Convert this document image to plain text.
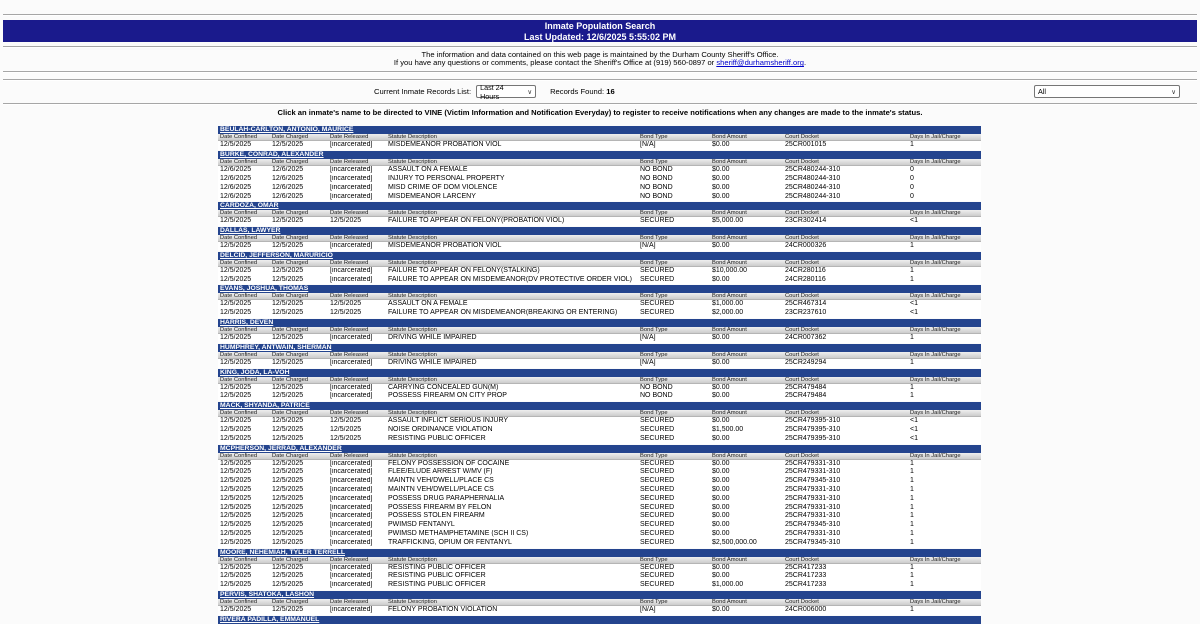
Inmate Population Search
Last Updated: 12/6/2025 5:55:02 PM
The information and data contained on this web page is maintained by the Durham County Sheriff's Office.
If you have any questions or comments, please contact the Sheriff's Office at (919) 560-0897 or sheriff@durhamsheriff.org.
Current Inmate Records List: Last 24 Hours	∨ Records Found: 16	All	∨
Click an inmate's name to be directed to VINE (Victim Information and Notification Everyday) to register to receive notifications when any changes are made to the inmate's status.
BEULAH-CARLTON, ANTONIO, MAURICE
Date Confined	Date Charged	Date Released	Statute Description	Bond Type	Bond Amount	Court Docket	Days In Jail/Charge
12/5/2025	12/5/2025	[incarcerated]	MISDEMEANOR PROBATION VIOL	[N/A]	$0.00	25CR001015	1
BURKE, CONRAD, ALEXANDER
Date Confined	Date Charged	Date Released	Statute Description	Bond Type	Bond Amount	Court Docket	Days In Jail/Charge
12/6/2025	12/6/2025	[incarcerated]	ASSAULT ON A FEMALE	NO BOND	$0.00	25CR480244-310	0
12/6/2025	12/6/2025	[incarcerated]	INJURY TO PERSONAL PROPERTY	NO BOND	$0.00	25CR480244-310	0
12/6/2025	12/6/2025	[incarcerated]	MISD CRIME OF DOM VIOLENCE	NO BOND	$0.00	25CR480244-310	0
12/6/2025	12/6/2025	[incarcerated]	MISDEMEANOR LARCENY	NO BOND	$0.00	25CR480244-310	0
CARDOZA, OMAR
Date Confined	Date Charged	Date Released	Statute Description	Bond Type	Bond Amount	Court Docket	Days In Jail/Charge
12/5/2025	12/5/2025	12/5/2025	FAILURE TO APPEAR ON FELONY(PROBATION VIOL)	SECURED	$5,000.00	23CR302414	<1
DALLAS, LAWYER
Date Confined	Date Charged	Date Released	Statute Description	Bond Type	Bond Amount	Court Docket	Days In Jail/Charge
12/5/2025	12/5/2025	[incarcerated]	MISDEMEANOR PROBATION VIOL	[N/A]	$0.00	24CR000326	1
DELCID, JEFFERSON, MARURICIO
Date Confined	Date Charged	Date Released	Statute Description	Bond Type	Bond Amount	Court Docket	Days In Jail/Charge
12/5/2025	12/5/2025	[incarcerated]	FAILURE TO APPEAR ON FELONY(STALKING)	SECURED	$10,000.00	24CR280116	1
12/5/2025	12/5/2025	[incarcerated]	FAILURE TO APPEAR ON MISDEMEANOR(DV PROTECTIVE ORDER VIOL)	SECURED	$0.00	24CR280116	1
EVANS, JOSHUA, THOMAS
Date Confined	Date Charged	Date Released	Statute Description	Bond Type	Bond Amount	Court Docket	Days In Jail/Charge
12/5/2025	12/5/2025	12/5/2025	ASSAULT ON A FEMALE	SECURED	$1,000.00	25CR467314	<1
12/5/2025	12/5/2025	12/5/2025	FAILURE TO APPEAR ON MISDEMEANOR(BREAKING OR ENTERING)	SECURED	$2,000.00	23CR237610	<1
HARRIS, DEVEN
Date Confined	Date Charged	Date Released	Statute Description	Bond Type	Bond Amount	Court Docket	Days In Jail/Charge
12/5/2025	12/5/2025	[incarcerated]	DRIVING WHILE IMPAIRED	[N/A]	$0.00	24CR007362	1
HUMPHREY, ANTWAIN, SHERMAN
Date Confined	Date Charged	Date Released	Statute Description	Bond Type	Bond Amount	Court Docket	Days In Jail/Charge
12/5/2025	12/5/2025	[incarcerated]	DRIVING WHILE IMPAIRED	[N/A]	$0.00	25CR249294	1
KING, JODA, LA-VOH
Date Confined	Date Charged	Date Released	Statute Description	Bond Type	Bond Amount	Court Docket	Days In Jail/Charge
12/5/2025	12/5/2025	[incarcerated]	CARRYING CONCEALED GUN(M)	NO BOND	$0.00	25CR479484	1
12/5/2025	12/5/2025	[incarcerated]	POSSESS FIREARM ON CITY PROP	NO BOND	$0.00	25CR479484	1
MACK, SHYANDA, PATRICE
Date Confined	Date Charged	Date Released	Statute Description	Bond Type	Bond Amount	Court Docket	Days In Jail/Charge
12/5/2025	12/5/2025	12/5/2025	ASSAULT INFLICT SERIOUS INJURY	SECURED	$0.00	25CR479395-310	<1
12/5/2025	12/5/2025	12/5/2025	NOISE ORDINANCE VIOLATION	SECURED	$1,500.00	25CR479395-310	<1
12/5/2025	12/5/2025	12/5/2025	RESISTING PUBLIC OFFICER	SECURED	$0.00	25CR479395-310	<1
MCPHERSON, JERRAD, ALEXANDER
Date Confined	Date Charged	Date Released	Statute Description	Bond Type	Bond Amount	Court Docket	Days In Jail/Charge
12/5/2025	12/5/2025	[incarcerated]	FELONY POSSESSION OF COCAINE	SECURED	$0.00	25CR479331-310	1
12/5/2025	12/5/2025	[incarcerated]	FLEE/ELUDE ARREST W/MV (F)	SECURED	$0.00	25CR479331-310	1
12/5/2025	12/5/2025	[incarcerated]	MAINTN VEH/DWELL/PLACE CS	SECURED	$0.00	25CR479345-310	1
12/5/2025	12/5/2025	[incarcerated]	MAINTN VEH/DWELL/PLACE CS	SECURED	$0.00	25CR479331-310	1
12/5/2025	12/5/2025	[incarcerated]	POSSESS DRUG PARAPHERNALIA	SECURED	$0.00	25CR479331-310	1
12/5/2025	12/5/2025	[incarcerated]	POSSESS FIREARM BY FELON	SECURED	$0.00	25CR479331-310	1
12/5/2025	12/5/2025	[incarcerated]	POSSESS STOLEN FIREARM	SECURED	$0.00	25CR479331-310	1
12/5/2025	12/5/2025	[incarcerated]	PWIMSD FENTANYL	SECURED	$0.00	25CR479345-310	1
12/5/2025	12/5/2025	[incarcerated]	PWIMSD METHAMPHETAMINE (SCH II CS)	SECURED	$0.00	25CR479331-310	1
12/5/2025	12/5/2025	[incarcerated]	TRAFFICKING, OPIUM OR FENTANYL	SECURED	$2,500,000.00	25CR479345-310	1
MOORE, NEHEMIAH, TYLER TERRELL
Date Confined	Date Charged	Date Released	Statute Description	Bond Type	Bond Amount	Court Docket	Days In Jail/Charge
12/5/2025	12/5/2025	[incarcerated]	RESISTING PUBLIC OFFICER	SECURED	$0.00	25CR417233	1
12/5/2025	12/5/2025	[incarcerated]	RESISTING PUBLIC OFFICER	SECURED	$0.00	25CR417233	1
12/5/2025	12/5/2025	[incarcerated]	RESISTING PUBLIC OFFICER	SECURED	$1,000.00	25CR417233	1
PERVIS, SHATOKA, LASHON
Date Confined	Date Charged	Date Released	Statute Description	Bond Type	Bond Amount	Court Docket	Days In Jail/Charge
12/5/2025	12/5/2025	[incarcerated]	FELONY PROBATION VIOLATION	[N/A]	$0.00	24CR006000	1
RIVERA PADILLA, EMMANUEL
